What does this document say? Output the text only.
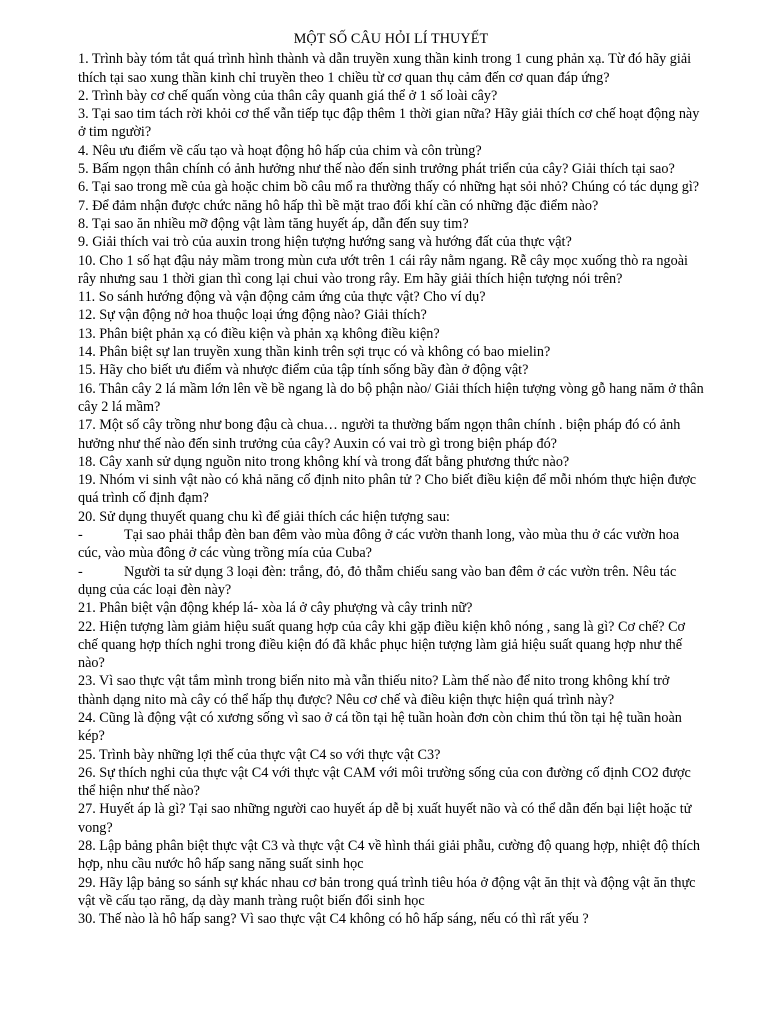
MỘT SỐ CÂU HỎI LÍ THUYẾT

1. Trình bày tóm tắt quá trình hình thành và dẫn truyền xung thần kinh trong 1 cung phản xạ. Từ đó hãy giải thích tại sao xung thần kinh chỉ truyền theo 1 chiều từ cơ quan thụ cảm đến cơ quan đáp ứng?

2. Trình bày cơ chế quấn vòng của thân cây quanh giá thể ở 1 số loài cây?

3. Tại sao tim tách rời khỏi cơ thể vẫn tiếp tục đập thêm 1 thời gian nữa? Hãy giải thích cơ chế hoạt động này ở tim người?

4. Nêu ưu điểm về cấu tạo và hoạt động hô hấp của chim và côn trùng?

5. Bấm ngọn thân chính có ảnh hưởng như thế nào đến sinh trưởng phát triển của cây? Giải thích tại sao?

6. Tại sao trong mề của gà hoặc chim bồ câu mổ ra thường thấy có những hạt sỏi nhỏ? Chúng có tác dụng gì?

7. Để đảm nhận được chức năng hô hấp thì bề mặt trao đổi khí cần có những đặc điểm nào?

8. Tại sao ăn nhiều mỡ động vật làm tăng huyết áp, dẫn đến suy tim?

9. Giải thích vai trò của auxin trong hiện tượng hướng sang và hướng đất của thực vật?

10. Cho 1 số hạt đậu nảy mầm trong mùn cưa ướt trên 1 cái rây nằm ngang. Rễ cây mọc xuống thò ra ngoài rây nhưng sau 1 thời gian thì cong lại chui vào trong rây. Em hãy giải thích hiện tượng nói trên?

11. So sánh hướng động và vận động cảm ứng của thực vật? Cho ví dụ?

12. Sự vận động nở hoa thuộc loại ứng động nào? Giải thích?

13. Phân biệt phản xạ có điều kiện và phản xạ không điều kiện?

14. Phân biệt sự lan truyền xung thần kinh trên sợi trục có và không có bao mielin?

15. Hãy cho biết ưu điểm và nhược điểm của tập tính sống bầy đàn ở động vật?

16. Thân cây 2 lá mầm lớn lên về bề ngang là do bộ phận nào/ Giải thích hiện tượng vòng gỗ hang năm ở thân cây 2 lá mầm?

17. Một số cây trồng như bong đậu cà chua… người ta thường bấm ngọn thân chính . biện pháp đó có ảnh hưởng như thế nào đến sinh trưởng của cây? Auxin có vai trò gì trong biện pháp đó?

18. Cây xanh sử dụng nguồn nito trong không khí và trong đất bằng phương thức nào?

19. Nhóm vi sinh vật nào có khả năng cố định nito phân tử ? Cho biết điều kiện để mỗi nhóm thực hiện được quá trình cố định đạm?

20. Sử dụng thuyết quang chu kì để giải thích các hiện tượng sau:

-	Tại sao phải thắp đèn ban đêm vào mùa đông ở các vườn thanh long, vào mùa thu ở các vườn hoa cúc, vào mùa đông ở các vùng trồng mía của Cuba?

-	Người ta sử dụng 3 loại đèn: trắng, đỏ, đỏ thẫm chiếu sang vào ban đêm ở các vườn trên. Nêu tác dụng của các loại đèn này?

21. Phân biệt vận động khép lá- xòa lá ở cây phượng và cây trinh nữ?

22. Hiện tượng làm giảm hiệu suất quang hợp của cây khi gặp điều kiện khô nóng , sang là gì? Cơ chế? Cơ chế quang hợp thích nghi trong điều kiện đó đã khắc phục hiện tượng làm giả hiệu suất quang hợp như thế nào?

23. Vì sao thực vật tắm mình trong biển nito mà vẫn thiếu nito? Làm thế nào để nito trong không khí trở thành dạng nito mà cây có thể hấp thụ được? Nêu cơ chế và điều kiện thực hiện quá trình này?

24. Cũng là động vật có xương sống vì sao ở cá tồn tại hệ tuần hoàn đơn còn chim thú tồn tại hệ tuần hoàn kép?

25. Trình bày những lợi thế của thực vật C4 so với thực vật C3?

26. Sự thích nghi của thực vật C4 với thực vật CAM với môi trường sống của con đường cố định CO2 được thể hiện như thế nào?

27. Huyết áp là gì? Tại sao những người cao huyết áp dễ bị xuất huyết não và có thể dẫn đến bại liệt hoặc tử vong?

28. Lập bảng phân biệt thực vật C3 và thực vật C4 về hình thái giải phẫu, cường độ quang hợp, nhiệt độ thích hợp, nhu cầu nước hô hấp sang năng suất sinh học

29. Hãy lập bảng so sánh sự khác nhau cơ bản trong quá trình tiêu hóa ở động vật ăn thịt và động vật ăn thực vật về cấu tạo răng, dạ dày manh tràng ruột biến đổi sinh học

30. Thế nào là hô hấp sang? Vì sao thực vật C4 không có hô hấp sáng, nếu có thì rất yếu ?
